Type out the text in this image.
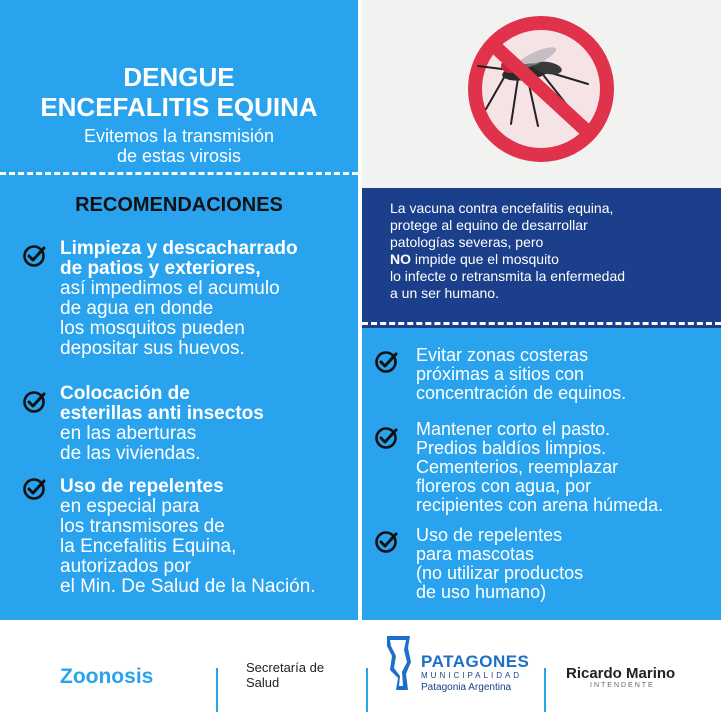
DENGUE
ENCEFALITIS EQUINA
Evitemos la transmisión
de estas virosis
RECOMENDACIONES
Limpieza y descacharrado
de patios y exteriores,
así impedimos el acumulo
de agua en donde
los mosquitos pueden
depositar sus huevos.
Colocación de
esterillas anti insectos
en las aberturas
de las viviendas.
Uso de repelentes
en especial para
los transmisores de
la Encefalitis Equina,
autorizados por
el Min. De Salud de la Nación.
La vacuna contra encefalitis equina,
protege al equino de desarrollar
patologías severas, pero
NO impide que el mosquito
lo infecte o retransmita la enfermedad
a un ser humano.
Evitar zonas costeras
próximas a sitios con
concentración de equinos.
Mantener corto el pasto.
Predios baldíos limpios.
Cementerios, reemplazar
floreros con agua, por
recipientes con arena húmeda.
Uso de repelentes
para mascotas
(no utilizar productos
de uso humano)
Zoonosis	Secretaría de
Salud
PATAGONES
MUNICIPALIDAD
Patagonia Argentina
Ricardo Marino
INTENDENTE
